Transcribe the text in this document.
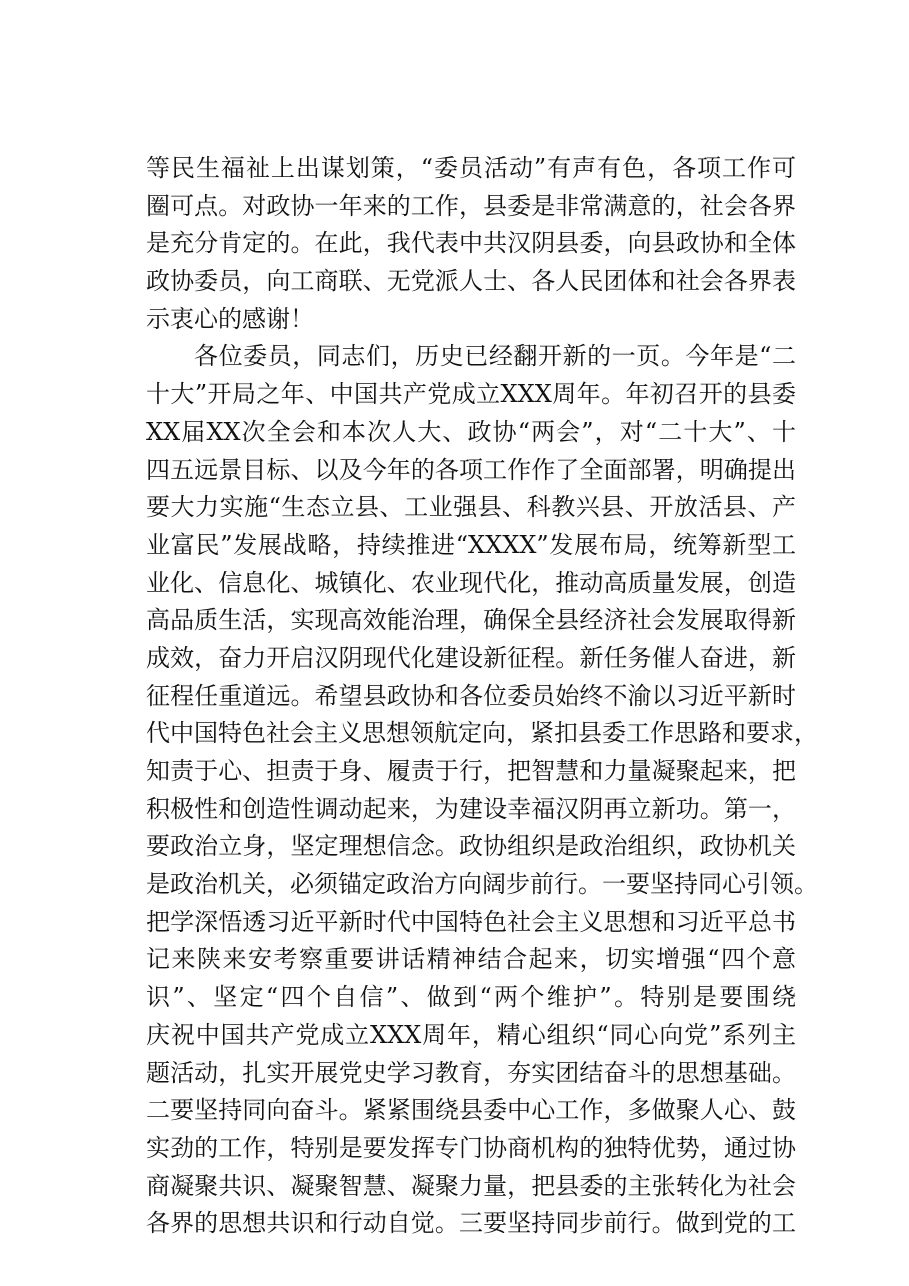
等民生福祉上出谋划策，“委员活动”有声有色，各项工作可
圈可点。对政协一年来的工作，县委是非常满意的，社会各界
是充分肯定的。在此，我代表中共汉阴县委，向县政协和全体
政协委员，向工商联、无党派人士、各人民团体和社会各界表
示衷心的感谢！
各位委员，同志们，历史已经翻开新的一页。今年是“二
十大”开局之年、中国共产党成立XXX周年。年初召开的县委
XX届XX次全会和本次人大、政协“两会”，对“二十大”、十
四五远景目标、以及今年的各项工作作了全面部署，明确提出
要大力实施“生态立县、工业强县、科教兴县、开放活县、产
业富民”发展战略，持续推进“XXXX”发展布局，统筹新型工
业化、信息化、城镇化、农业现代化，推动高质量发展，创造
高品质生活，实现高效能治理，确保全县经济社会发展取得新
成效，奋力开启汉阴现代化建设新征程。新任务催人奋进，新
征程任重道远。希望县政协和各位委员始终不渝以习近平新时
代中国特色社会主义思想领航定向，紧扣县委工作思路和要求，
知责于心、担责于身、履责于行，把智慧和力量凝聚起来，把
积极性和创造性调动起来，为建设幸福汉阴再立新功。第一，
要政治立身，坚定理想信念。政协组织是政治组织，政协机关
是政治机关，必须锚定政治方向阔步前行。一要坚持同心引领。
把学深悟透习近平新时代中国特色社会主义思想和习近平总书
记来陕来安考察重要讲话精神结合起来，切实增强“四个意
识”、坚定“四个自信”、做到“两个维护”。特别是要围绕
庆祝中国共产党成立XXX周年，精心组织“同心向党”系列主
题活动，扎实开展党史学习教育，夯实团结奋斗的思想基础。
二要坚持同向奋斗。紧紧围绕县委中心工作，多做聚人心、鼓
实劲的工作，特别是要发挥专门协商机构的独特优势，通过协
商凝聚共识、凝聚智慧、凝聚力量，把县委的主张转化为社会
各界的思想共识和行动自觉。三要坚持同步前行。做到党的工
